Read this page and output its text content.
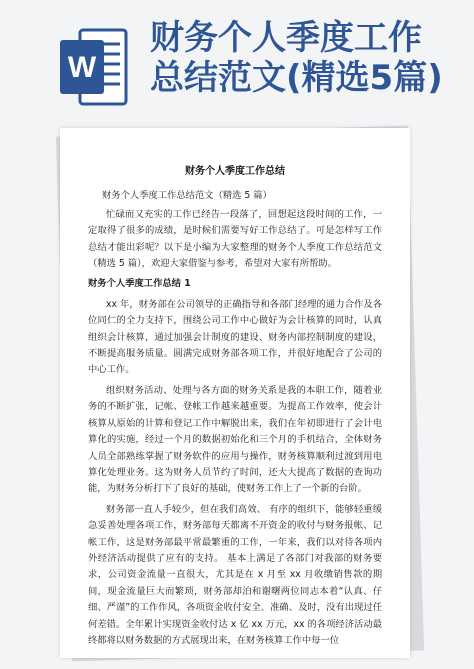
W
财务个人季度工作
总结范文(精选5篇)
财务个人季度工作总结
财务个人季度工作总结范文（精选 5 篇）

忙碌而又充实的工作已经告一段落了，回想起这段时间的工作，一定取得了很多的成绩，是时候们需要写好工作总结了。可是怎样写工作总结才能出彩呢？以下是小编为大家整理的财务个人季度工作总结范文（精选 5 篇），欢迎大家借鉴与参考，希望对大家有所帮助。

财务个人季度工作总结 1

xx 年，财务部在公司领导的正确指导和各部门经理的通力合作及各位同仁的全力支持下，围绕公司工作中心做好为会计核算的同时，认真组织会计核算，通过加强会计制度的建设、财务内部控制制度的建设，不断提高服务质量。圆满完成财务部各项工作，并很好地配合了公司的中心工作。

组织财务活动、处理与各方面的财务关系是我的本职工作，随着业务的不断扩张，记帐、登帐工作越来越重要。为提高工作效率，使会计核算从原始的计算和登记工作中解脱出来，我们在年初即进行了会计电算化的实施，经过一个月的数据初始化和三个月的手机结合，全体财务人员全部熟练掌握了财务软件的应用与操作，财务核算顺利过渡到用电算化处理业务。这为财务人员节约了时间，还大大提高了数据的查询功能，为财务分析打下了良好的基础，使财务工作上了一个新的台阶。

财务部一直人手较少，但在我们高效、 有序的组织下，能够轻重缓急妥善处理各项工作，财务部每天都离不开资金的收付与财务报帐、记帐工作，这是财务部最平常最繁重的工作，一年来，我们以对待各项内外经济活动提供了应有的支持。 基本上满足了各部门对我部的财务要求，公司资金流量一直很大，尤其是在 x 月至 xx 月收缴销售款的期间，现金流量巨大而繁琐，财务部却泊和谢曙两位同志本着“认真、仔细、严谨”的工作作风，各项资金收付安全、准确、及时，没有出现过任何差错。全年累计实现资金收付达 x 亿 xx 万元，xx 的各项经济活动最终都将以财务数据的方式展现出来，在财务核算工作中每一位
